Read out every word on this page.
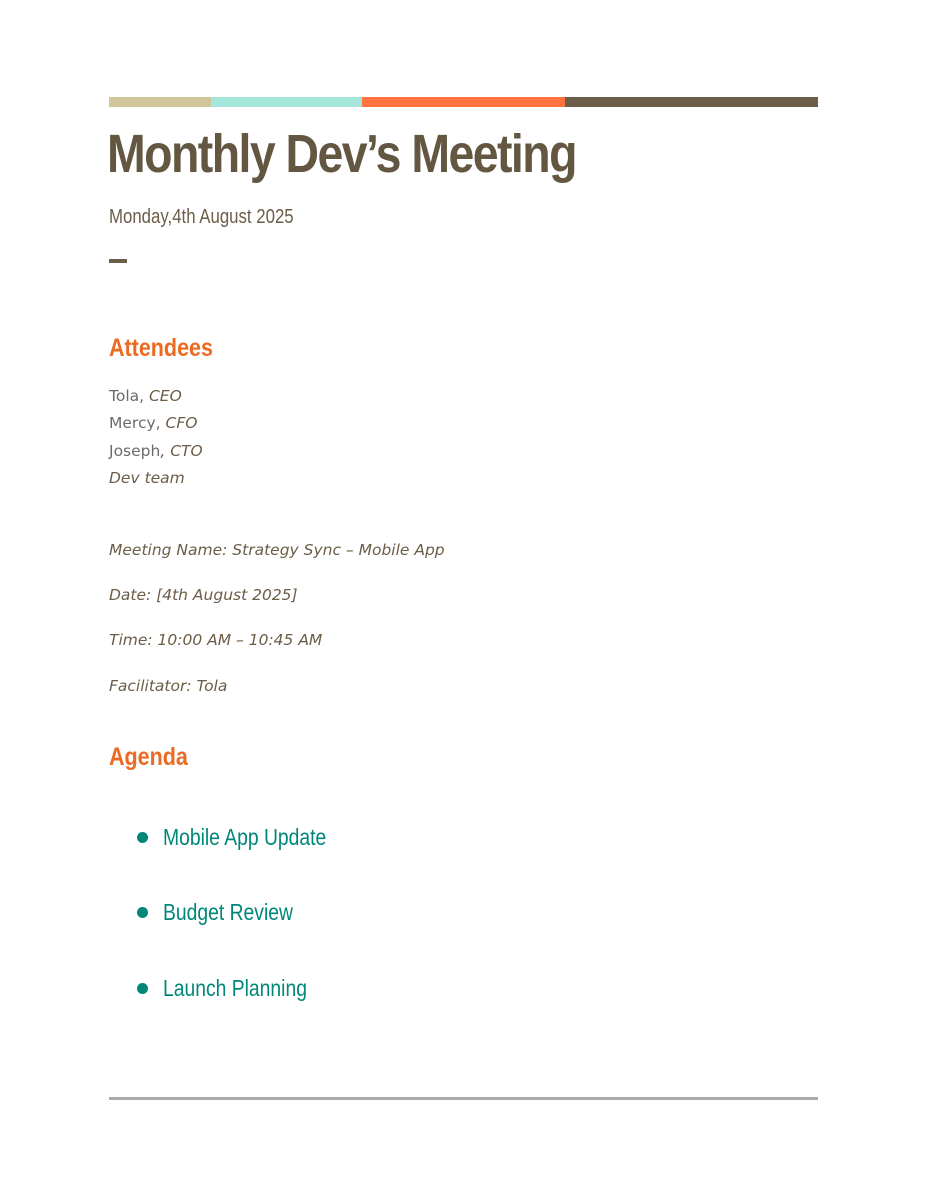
Monthly Dev’s Meeting
Monday,4th August 2025
Attendees
Tola, CEO
Mercy, CFO
Joseph, CTO
Dev team
Meeting Name: Strategy Sync – Mobile App
Date: [4th August 2025]
Time: 10:00 AM – 10:45 AM
Facilitator: Tola
Agenda
Mobile App Update
Budget Review
Launch Planning
